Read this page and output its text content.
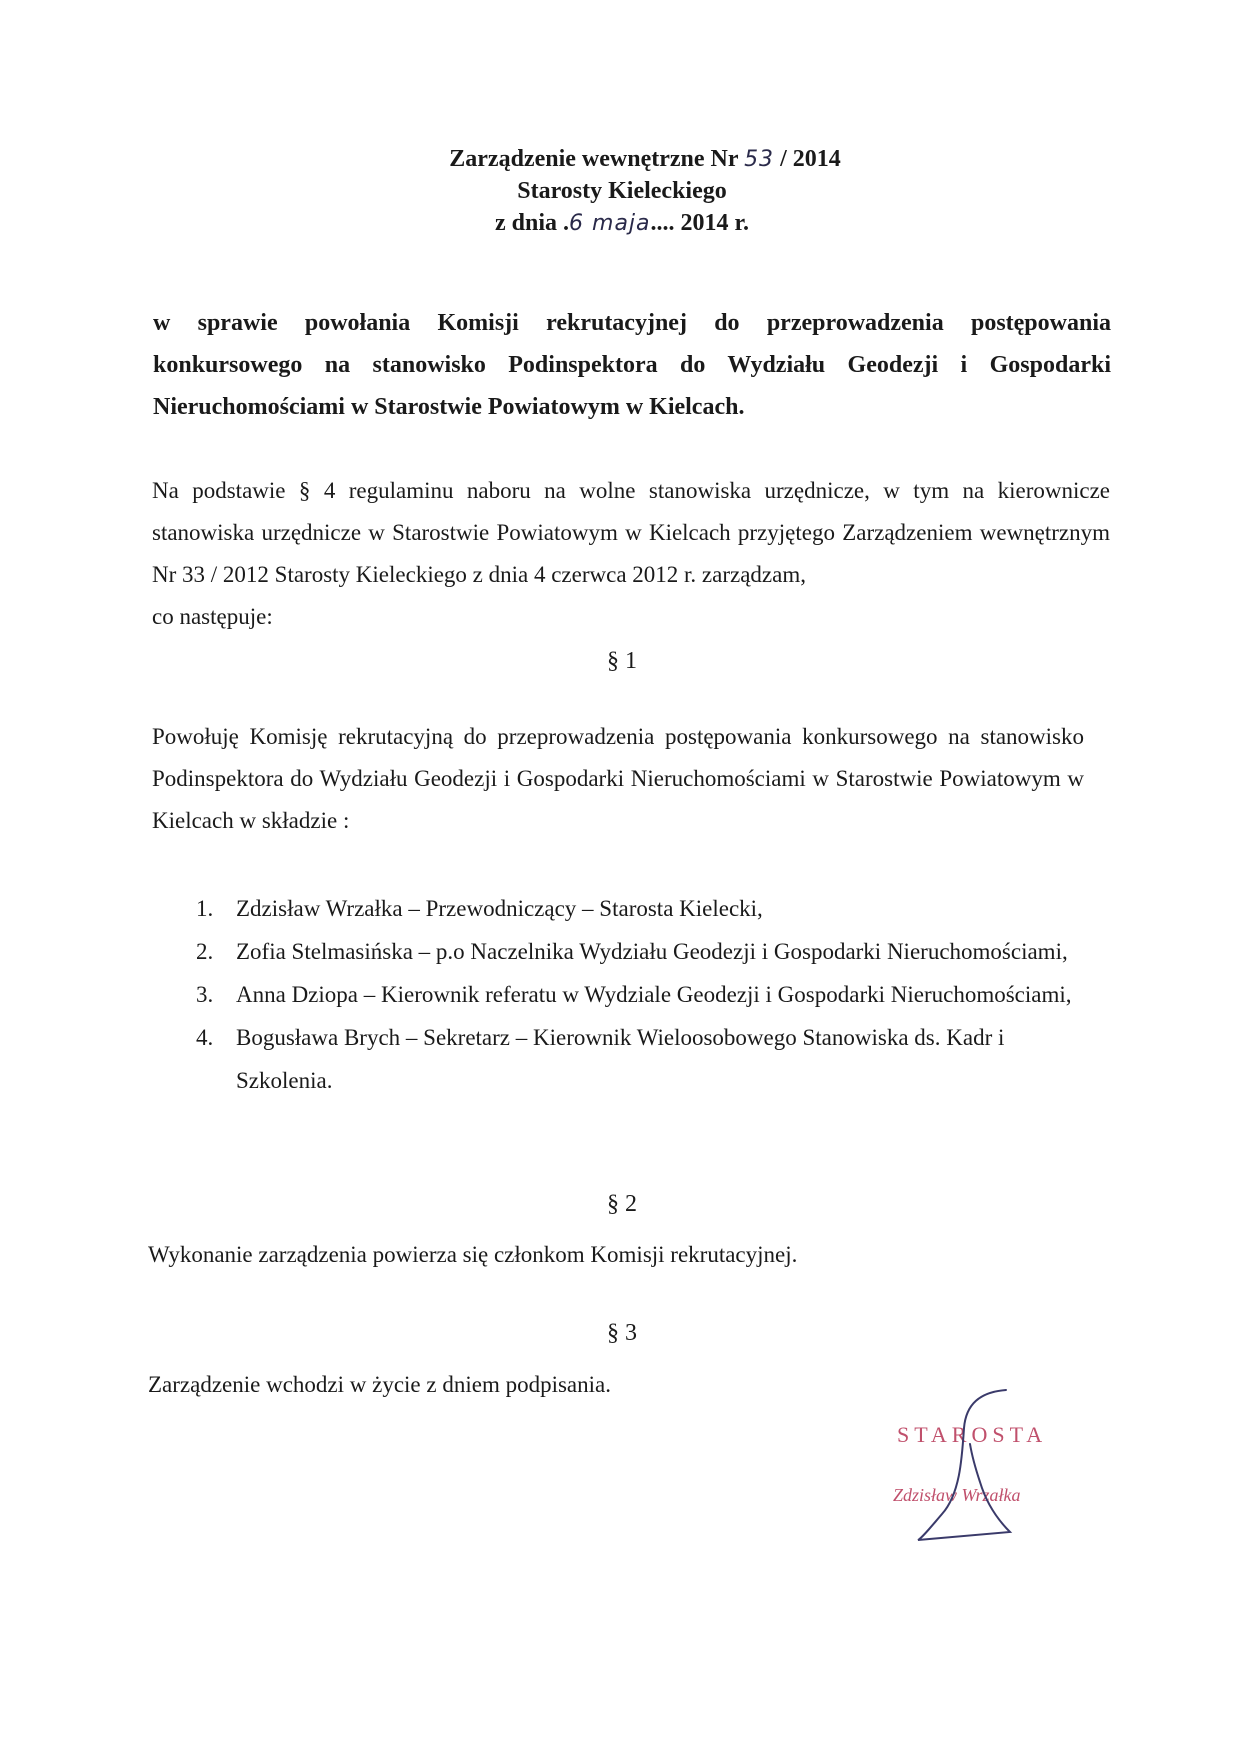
Zarządzenie wewnętrzne Nr 53 / 2014
Starosty Kieleckiego
z dnia .6 maja.... 2014 r.
w sprawie powołania Komisji rekrutacyjnej do przeprowadzenia postępowania konkursowego na stanowisko Podinspektora do Wydziału Geodezji i Gospodarki Nieruchomościami w Starostwie Powiatowym w Kielcach.
Na podstawie § 4 regulaminu naboru na wolne stanowiska urzędnicze, w tym na kierownicze stanowiska urzędnicze w Starostwie Powiatowym w Kielcach przyjętego Zarządzeniem wewnętrznym Nr 33 / 2012 Starosty Kieleckiego z dnia 4 czerwca 2012 r. zarządzam,
co następuje:
§ 1
Powołuję Komisję rekrutacyjną do przeprowadzenia postępowania konkursowego na stanowisko Podinspektora do Wydziału Geodezji i Gospodarki Nieruchomościami w Starostwie Powiatowym w Kielcach w składzie :
1. Zdzisław Wrzałka – Przewodniczący – Starosta Kielecki,
2. Zofia Stelmasińska – p.o Naczelnika Wydziału Geodezji i Gospodarki Nieruchomościami,
3. Anna Dziopa – Kierownik referatu w Wydziale Geodezji i Gospodarki Nieruchomościami,
4. Bogusława Brych – Sekretarz – Kierownik Wieloosobowego Stanowiska ds. Kadr i Szkolenia.
§ 2
Wykonanie zarządzenia powierza się członkom Komisji rekrutacyjnej.
§ 3
Zarządzenie wchodzi w życie z dniem podpisania.
STAROSTA
Zdzisław Wrzałka
